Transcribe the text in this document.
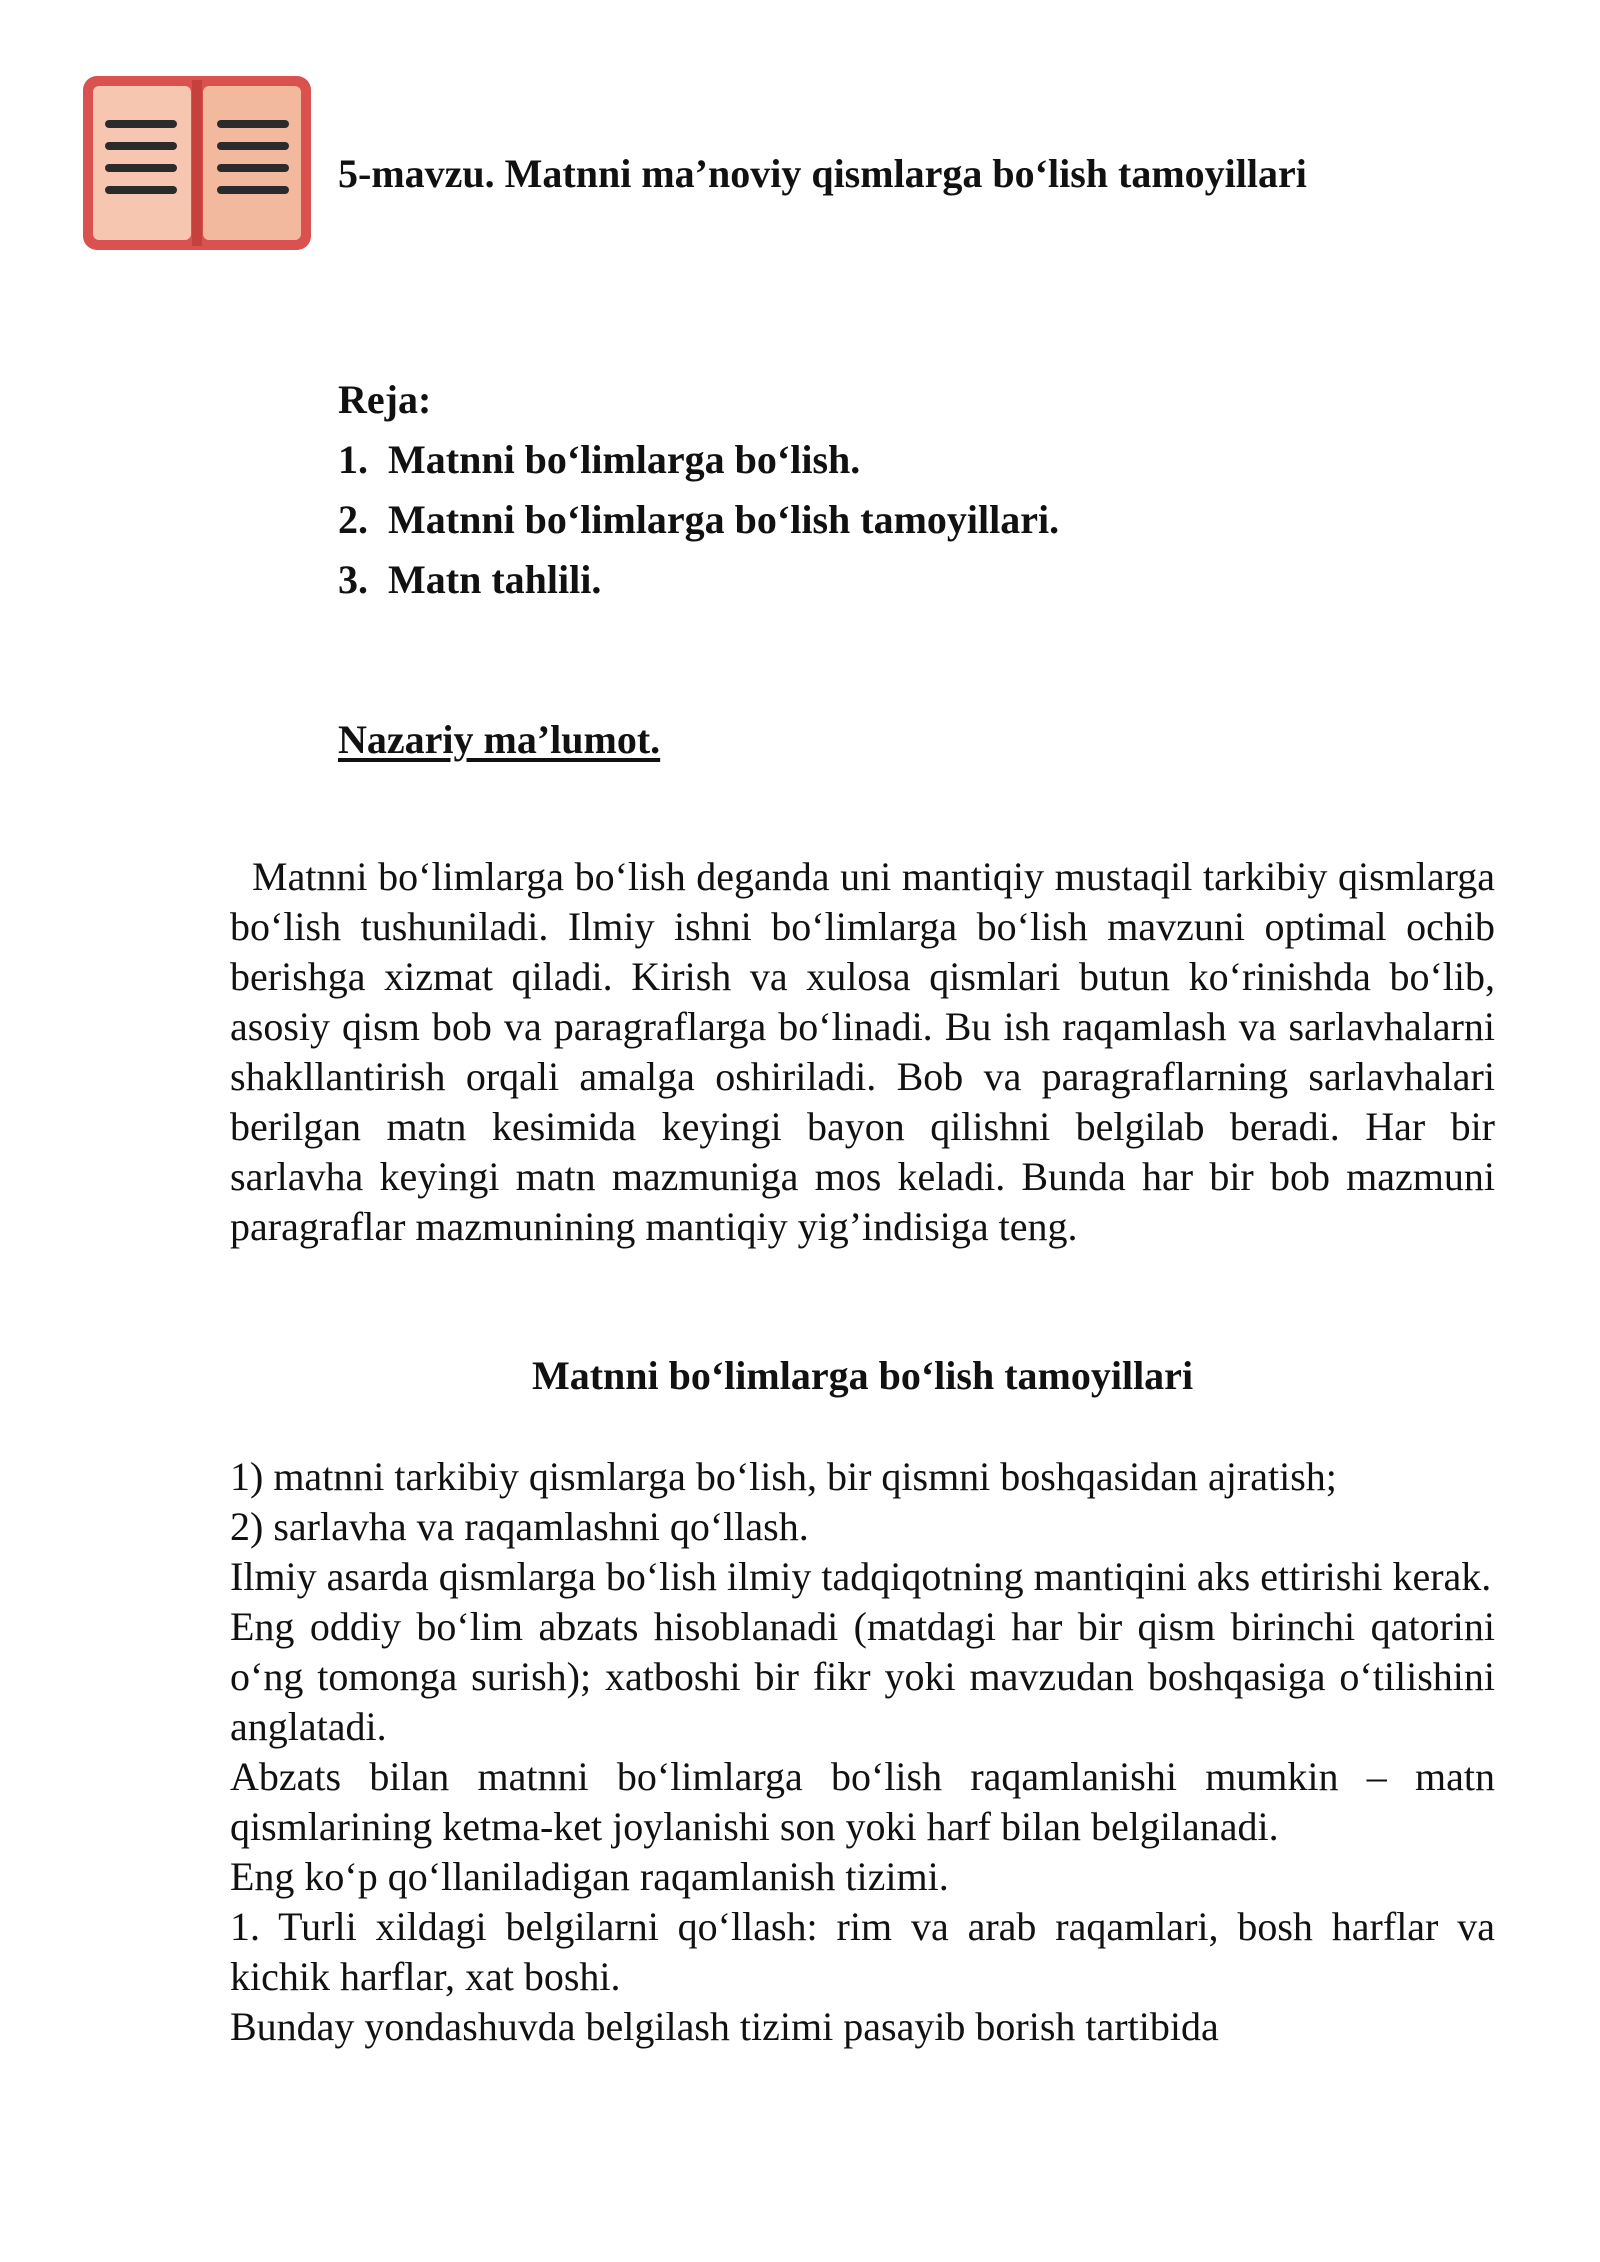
5-mavzu. Matnni ma’noviy qismlarga bo‘lish tamoyillari
Reja:
1. Matnni bo‘limlarga bo‘lish.
2. Matnni bo‘limlarga bo‘lish tamoyillari.
3. Matn tahlili.
Nazariy ma’lumot.

Matnni bo‘limlarga bo‘lish deganda uni mantiqiy mustaqil tarkibiy qismlarga bo‘lish tushuniladi. Ilmiy ishni bo‘limlarga bo‘lish mavzuni optimal ochib berishga xizmat qiladi. Kirish va xulosa qismlari butun ko‘rinishda bo‘lib, asosiy qism bob va paragraflarga bo‘linadi. Bu ish raqamlash va sarlavhalarni shakllantirish orqali amalga oshiriladi. Bob va paragraflarning sarlavhalari berilgan matn kesimida keyingi bayon qilishni belgilab beradi. Har bir sarlavha keyingi matn mazmuniga mos keladi. Bunda har bir bob mazmuni paragraflar mazmunining mantiqiy yig’indisiga teng.

Matnni bo‘limlarga bo‘lish tamoyillari

1) matnni tarkibiy qismlarga bo‘lish, bir qismni boshqasidan ajratish;

2) sarlavha va raqamlashni qo‘llash.

Ilmiy asarda qismlarga bo‘lish ilmiy tadqiqotning mantiqini aks ettirishi kerak.

Eng oddiy bo‘lim abzats hisoblanadi (matdagi har bir qism birinchi qatorini o‘ng tomonga surish); xatboshi bir fikr yoki mavzudan boshqasiga o‘tilishini anglatadi.

Abzats bilan matnni bo‘limlarga bo‘lish raqamlanishi mumkin – matn qismlarining ketma-ket joylanishi son yoki harf bilan belgilanadi.

Eng ko‘p qo‘llaniladigan raqamlanish tizimi.

1. Turli xildagi belgilarni qo‘llash: rim va arab raqamlari, bosh harflar va kichik harflar, xat boshi.

Bunday yondashuvda belgilash tizimi pasayib borish tartibida
